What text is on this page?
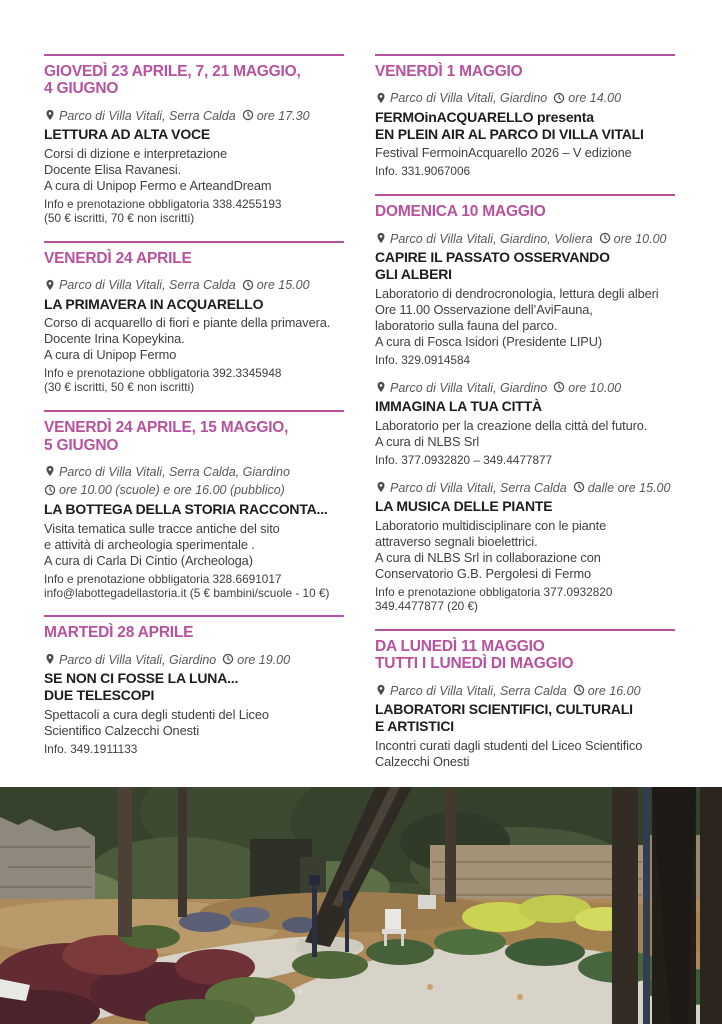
GIOVEDÌ 23 APRILE, 7, 21 MAGGIO,
4 GIUGNO

Parco di Villa Vitali, Serra Calda ore 17.30

LETTURA AD ALTA VOCE

Corsi di dizione e interpretazione
Docente Elisa Ravanesi.
A cura di Unipop Fermo e ArteandDream

Info e prenotazione obbligatoria 338.4255193
(50 € iscritti, 70 € non iscritti)

VENERDÌ 24 APRILE

Parco di Villa Vitali, Serra Calda ore 15.00

LA PRIMAVERA IN ACQUARELLO

Corso di acquarello di fiori e piante della primavera.
Docente Irina Kopeykina.
A cura di Unipop Fermo

Info e prenotazione obbligatoria 392.3345948
(30 € iscritti, 50 € non iscritti)

VENERDÌ 24 APRILE, 15 MAGGIO,
5 GIUGNO

Parco di Villa Vitali, Serra Calda, Giardino

ore 10.00 (scuole) e ore 16.00 (pubblico)

LA BOTTEGA DELLA STORIA RACCONTA...

Visita tematica sulle tracce antiche del sito
e attività di archeologia sperimentale .
A cura di Carla Di Cintio (Archeologa)

Info e prenotazione obbligatoria 328.6691017
info@labottegadellastoria.it (5 € bambini/scuole - 10 €)

MARTEDÌ 28 APRILE

Parco di Villa Vitali, Giardino ore 19.00

SE NON CI FOSSE LA LUNA...
DUE TELESCOPI

Spettacoli a cura degli studenti del Liceo
Scientifico Calzecchi Onesti

Info. 349.1911133

VENERDÌ 1 MAGGIO

Parco di Villa Vitali, Giardino ore 14.00

FERMOinACQUARELLO presenta
EN PLEIN AIR AL PARCO DI VILLA VITALI

Festival FermoinAcquarello 2026 – V edizione

Info. 331.9067006

DOMENICA 10 MAGGIO

Parco di Villa Vitali, Giardino, Voliera ore 10.00

CAPIRE IL PASSATO OSSERVANDO
GLI ALBERI

Laboratorio di dendrocronologia, lettura degli alberi
Ore 11.00 Osservazione dell’AviFauna,
laboratorio sulla fauna del parco.
A cura di Fosca Isidori (Presidente LIPU)

Info. 329.0914584

Parco di Villa Vitali, Giardino ore 10.00

IMMAGINA LA TUA CITTÀ

Laboratorio per la creazione della città del futuro.
A cura di NLBS Srl

Info. 377.0932820 – 349.4477877

Parco di Villa Vitali, Serra Calda dalle ore 15.00

LA MUSICA DELLE PIANTE

Laboratorio multidisciplinare con le piante
attraverso segnali bioelettrici.
A cura di NLBS Srl in collaborazione con
Conservatorio G.B. Pergolesi di Fermo

Info e prenotazione obbligatoria 377.0932820
349.4477877 (20 €)

DA LUNEDÌ 11 MAGGIO
TUTTI I LUNEDÌ DI MAGGIO

Parco di Villa Vitali, Serra Calda ore 16.00

LABORATORI SCIENTIFICI, CULTURALI
E ARTISTICI

Incontri curati dagli studenti del Liceo Scientifico
Calzecchi Onesti
